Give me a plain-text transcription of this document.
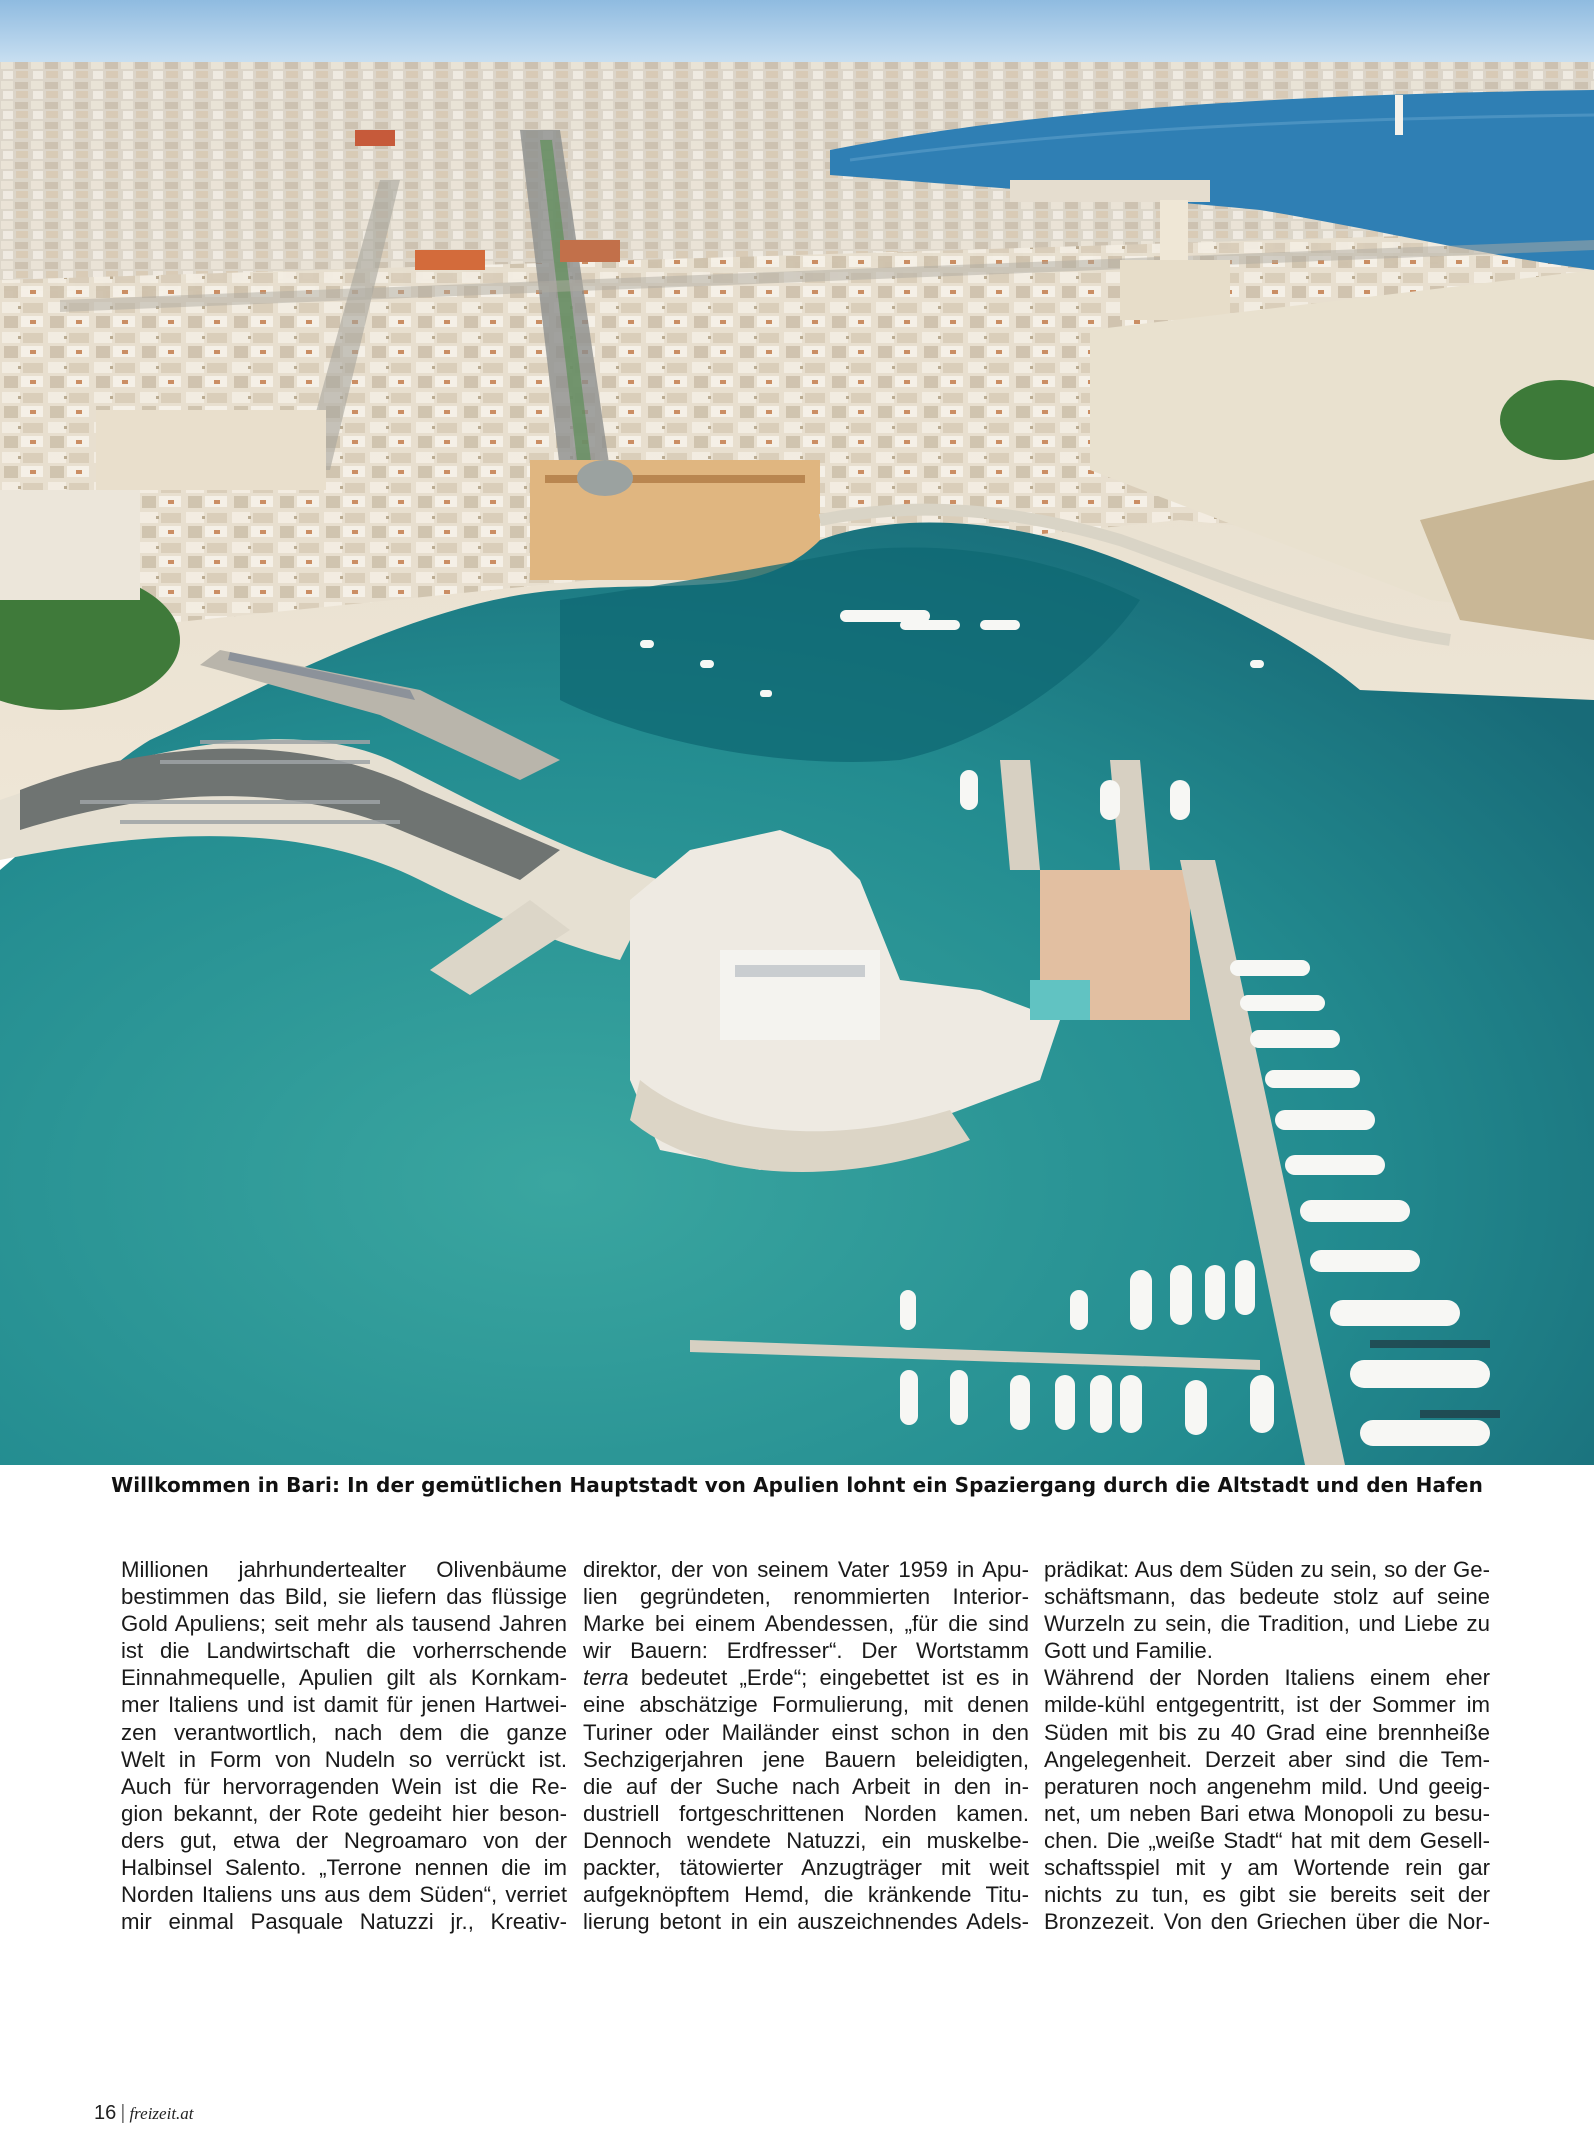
Willkommen in Bari: In der gemütlichen Hauptstadt von Apulien lohnt ein Spaziergang durch die Altstadt und den Hafen
Millionen jahrhundertealter Olivenbäume
bestimmen das Bild, sie liefern das flüssige
Gold Apuliens; seit mehr als tausend Jahren
ist die Landwirtschaft die vorherrschende
Einnahmequelle, Apulien gilt als Kornkam-
mer Italiens und ist damit für jenen Hartwei-
zen verantwortlich, nach dem die ganze
Welt in Form von Nudeln so verrückt ist.
Auch für hervorragenden Wein ist die Re-
gion bekannt, der Rote gedeiht hier beson-
ders gut, etwa der Negroamaro von der
Halbinsel Salento. „Terrone nennen die im
Norden Italiens uns aus dem Süden“, verriet
mir einmal Pasquale Natuzzi jr., Kreativ-
direktor, der von seinem Vater 1959 in Apu-
lien gegründeten, renommierten Interior-
Marke bei einem Abendessen, „für die sind
wir Bauern: Erdfresser“. Der Wortstamm
terra bedeutet „Erde“; eingebettet ist es in
eine abschätzige Formulierung, mit denen
Turiner oder Mailänder einst schon in den
Sechzigerjahren jene Bauern beleidigten,
die auf der Suche nach Arbeit in den in-
dustriell fortgeschrittenen Norden kamen.
Dennoch wendete Natuzzi, ein muskelbe-
packter, tätowierter Anzugträger mit weit
aufgeknöpftem Hemd, die kränkende Titu-
lierung betont in ein auszeichnendes Adels-
prädikat: Aus dem Süden zu sein, so der Ge-
schäftsmann, das bedeute stolz auf seine
Wurzeln zu sein, die Tradition, und Liebe zu
Gott und Familie.
Während der Norden Italiens einem eher
milde-kühl entgegentritt, ist der Sommer im
Süden mit bis zu 40 Grad eine brennheiße
Angelegenheit. Derzeit aber sind die Tem-
peraturen noch angenehm mild. Und geeig-
net, um neben Bari etwa Monopoli zu besu-
chen. Die „weiße Stadt“ hat mit dem Gesell-
schaftsspiel mit y am Wortende rein gar
nichts zu tun, es gibt sie bereits seit der
Bronzezeit. Von den Griechen über die Nor-
16 | freizeit.at
